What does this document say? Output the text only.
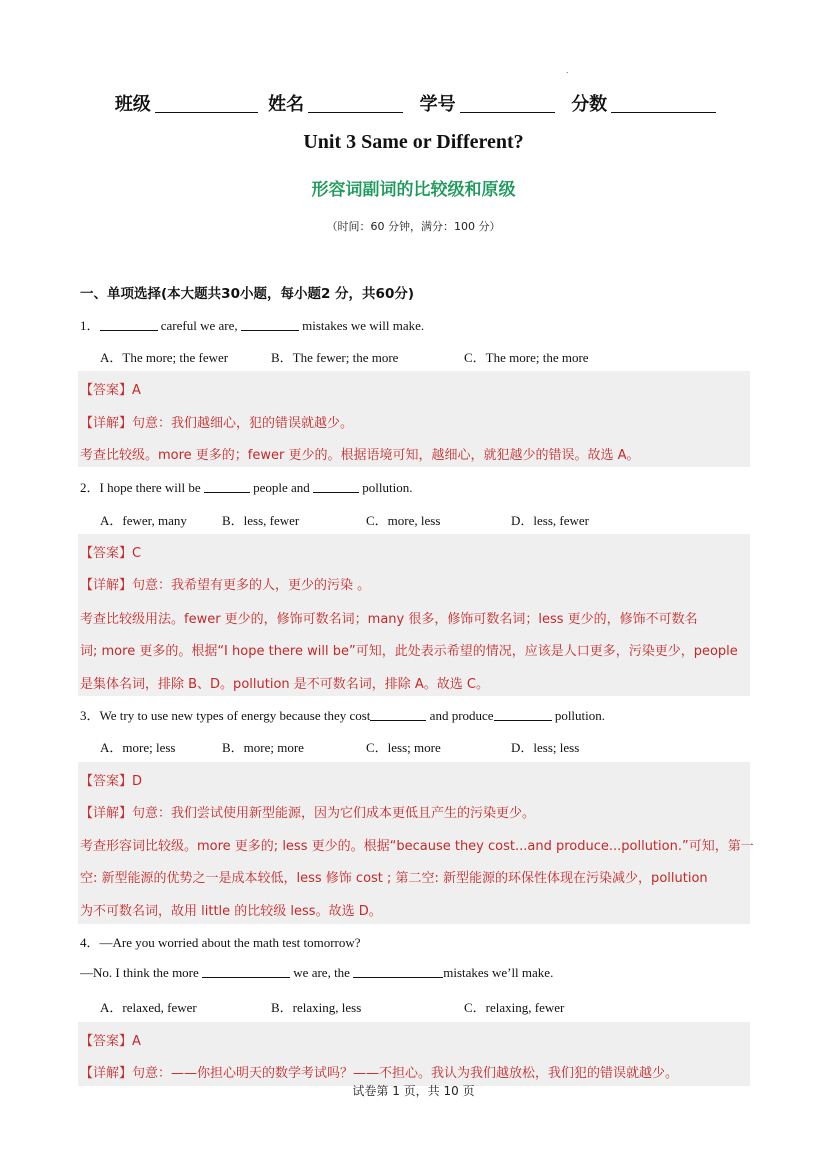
.
班级	姓名	学号	分数
Unit 3 Same or Different?
形容词副词的比较级和原级
（时间：60 分钟，满分：100 分）
一、单项选择(本大题共30小题，每小题2 分，共60分)
1．	careful we are,	mistakes we will make.
A．The more; the fewer	B．The fewer; the more	C．The more; the more
【答案】A
【详解】句意：我们越细心，犯的错误就越少。
考查比较级。more 更多的；fewer 更少的。根据语境可知，越细心，就犯越少的错误。故选 A。
2．I hope there will be	people and	pollution.
A．fewer, many	B．less, fewer	C．more, less	D．less, fewer
【答案】C
【详解】句意：我希望有更多的人，更少的污染 。
考查比较级用法。fewer 更少的，修饰可数名词；many 很多，修饰可数名词；less 更少的，修饰不可数名
词; more 更多的。根据“I hope there will be”可知，此处表示希望的情况，应该是人口更多，污染更少，people
是集体名词，排除 B、D。pollution 是不可数名词，排除 A。故选 C。
3．We try to use new types of energy because they cost	and produce	pollution.
A．more; less	B．more; more	C．less; more	D．less; less
【答案】D
【详解】句意：我们尝试使用新型能源，因为它们成本更低且产生的污染更少。
考查形容词比较级。more 更多的; less 更少的。根据“because they cost...and produce...pollution.”可知，第一
空: 新型能源的优势之一是成本较低，less 修饰 cost ; 第二空: 新型能源的环保性体现在污染减少，pollution
为不可数名词，故用 little 的比较级 less。故选 D。
4．—Are you worried about the math test tomorrow?
—No. I think the more	we are, the	mistakes we’ll make.
A．relaxed, fewer	B．relaxing, less	C．relaxing, fewer
【答案】A
【详解】句意：——你担心明天的数学考试吗？——不担心。我认为我们越放松，我们犯的错误就越少。
试卷第 1 页，共 10 页
